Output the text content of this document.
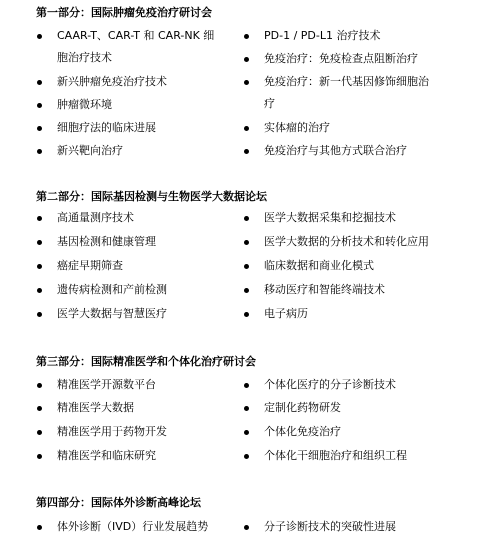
第一部分：国际肿瘤免疫治疗研讨会
CAAR-T、CAR-T 和 CAR-NK 细
胞治疗技术
新兴肿瘤免疫治疗技术
肿瘤微环境
细胞疗法的临床进展
新兴靶向治疗
PD-1 / PD-L1 治疗技术
免疫治疗：免疫检查点阻断治疗
免疫治疗：新一代基因修饰细胞治
疗
实体瘤的治疗
免疫治疗与其他方式联合治疗
第二部分：国际基因检测与生物医学大数据论坛
高通量测序技术
基因检测和健康管理
癌症早期筛查
遗传病检测和产前检测
医学大数据与智慧医疗
医学大数据采集和挖掘技术
医学大数据的分析技术和转化应用
临床数据和商业化模式
移动医疗和智能终端技术
电子病历
第三部分：国际精准医学和个体化治疗研讨会
精准医学开源数平台
精准医学大数据
精准医学用于药物开发
精准医学和临床研究
个体化医疗的分子诊断技术
定制化药物研发
个体化免疫治疗
个体化干细胞治疗和组织工程
第四部分：国际体外诊断高峰论坛
体外诊断（IVD）行业发展趋势	分子诊断技术的突破性进展
